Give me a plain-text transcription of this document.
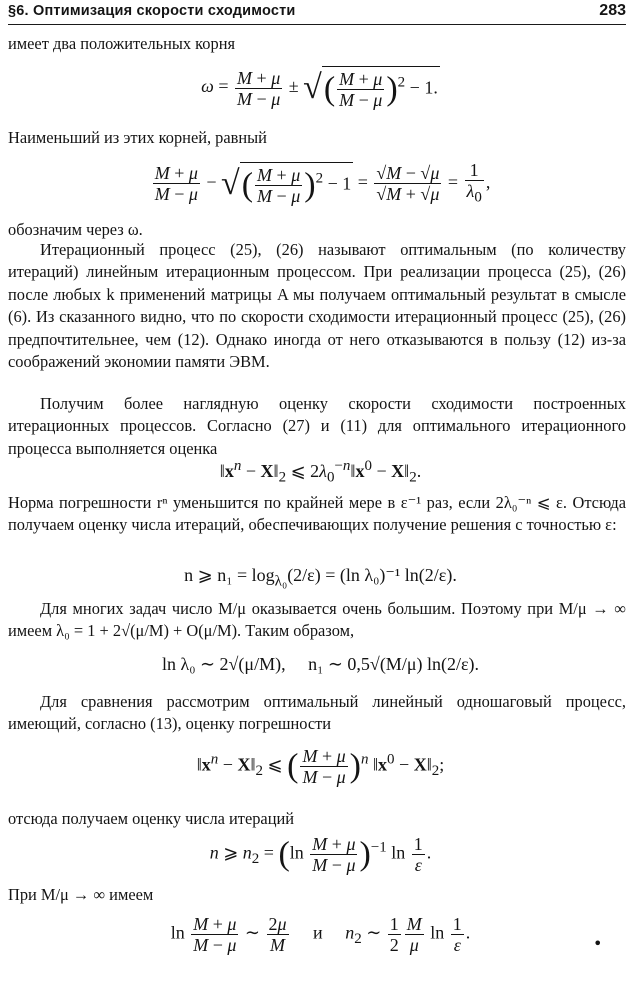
§6. Оптимизация скорости сходимости	283
имеет два положительных корня
$\omega = \frac{M + \mu}{M - \mu}$ ± √( $\frac{M + \mu}{M - \mu} )^2 - 1$.
Наименьший из этих корней, равный
$\frac{M + \mu}{M - \mu}$ − √( $\frac{M + \mu}{M - \mu} )^2 - 1 = \frac{√M - √\mu}{√M + √\mu} = \frac{1}{\lambda_0}$ ,
обозначим через ω.
Итерационный процесс (25), (26) называют оптимальным (по количеству итераций) линейным итерационным процессом. При реализации процесса (25), (26) после любых k применений матрицы A мы получаем оптимальный результат в смысле (6). Из сказанного видно, что по скорости сходимости итерационный процесс (25), (26) предпочтительнее, чем (12). Однако иногда от него отказываются в пользу (12) из-за соображений экономии памяти ЭВМ.
Получим более наглядную оценку скорости сходимости построенных итерационных процессов. Согласно (27) и (11) для оптимального итерационного процесса выполняется оценка
$‖x^n$ − $X‖_2$ ⩽ $2\lambda_0^{-n}‖x^0$ − $X‖_2$.
Норма погрешности rⁿ уменьшится по крайней мере в ε⁻¹ раз, если 2λ₀⁻ⁿ ⩽ ε. Отсюда получаем оценку числа итераций, обеспечивающих получение решения с точностью ε:
n ⩾ $n_1 = \log_{\lambda_0}(2/\varepsilon) = (\ln$ λ₀)⁻¹ ln(2/ε).
Для многих задач число M/μ оказывается очень большим. Поэтому при M/μ → ∞ имеем λ₀ = 1 + 2√(μ/M) + O(μ/M). Таким образом,
ln λ₀ ∼ 2√(μ/M), n₁ ∼ 0,5√(M/μ) ln(2/ε).
Для сравнения рассмотрим оптимальный линейный одношаговый процесс, имеющий, согласно (13), оценку погрешности
$‖x^n$ − $X‖_2$ ⩽ ( $\frac{M + \mu}{M - \mu} )^n$ $‖x^0$ − $X‖_2$;
отсюда получаем оценку числа итераций
n ⩾ $n_2 = (\ln \frac{M + \mu}{M - \mu} )^{-1}$ $\ln \frac{1}{\varepsilon}$ .
При M/μ → ∞ имеем
$\ln \frac{M + \mu}{M - \mu}$ ∼ $\frac{2\mu}{M}$ и $n_2$ ∼ $\frac{1}{2} \frac{M}{\mu}$ $\ln \frac{1}{\varepsilon}$ .
•
